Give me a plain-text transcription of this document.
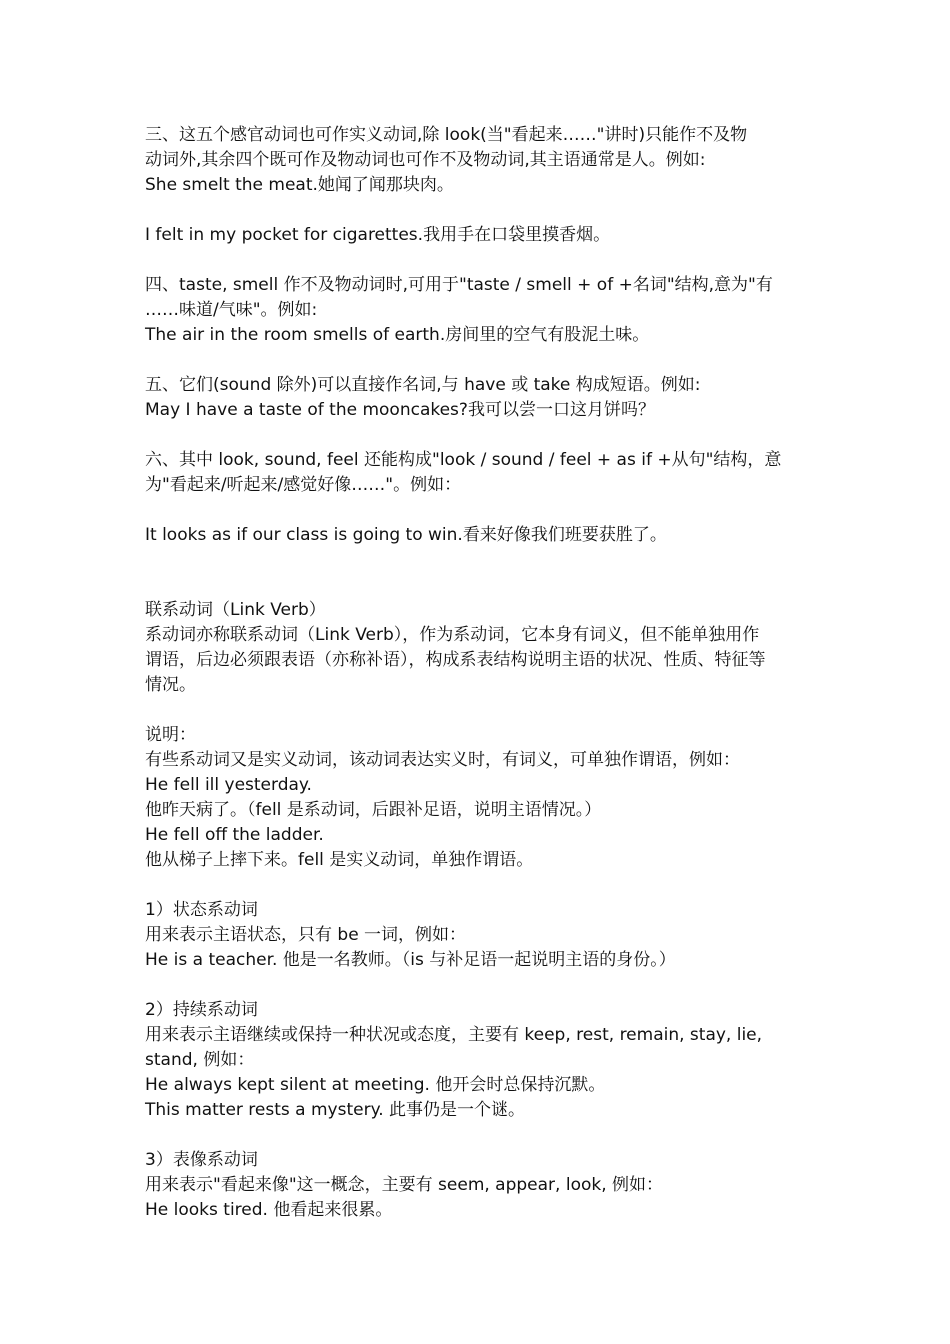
三、这五个感官动词也可作实义动词,除 look(当"看起来……"讲时)只能作不及物
动词外,其余四个既可作及物动词也可作不及物动词,其主语通常是人。例如:
She smelt the meat.她闻了闻那块肉。
I felt in my pocket for cigarettes.我用手在口袋里摸香烟。
四、taste, smell 作不及物动词时,可用于"taste / smell + of +名词"结构,意为"有
……味道/气味"。例如:
The air in the room smells of earth.房间里的空气有股泥土味。
五、它们(sound 除外)可以直接作名词,与 have 或 take 构成短语。例如:
May I have a taste of the mooncakes?我可以尝一口这月饼吗？
六、其中 look, sound, feel 还能构成"look / sound / feel + as if +从句"结构，意
为"看起来/听起来/感觉好像……"。例如：
It looks as if our class is going to win.看来好像我们班要获胜了。
联系动词（Link Verb）
系动词亦称联系动词（Link Verb），作为系动词，它本身有词义，但不能单独用作
谓语，后边必须跟表语（亦称补语），构成系表结构说明主语的状况、性质、特征等
情况。
说明：
有些系动词又是实义动词，该动词表达实义时，有词义，可单独作谓语，例如：
He fell ill yesterday.
他昨天病了。（fell 是系动词，后跟补足语，说明主语情况。）
He fell off the ladder.
他从梯子上摔下来。fell 是实义动词，单独作谓语。
1）状态系动词
用来表示主语状态，只有 be 一词，例如：
He is a teacher. 他是一名教师。（is 与补足语一起说明主语的身份。）
2）持续系动词
用来表示主语继续或保持一种状况或态度，主要有 keep, rest, remain, stay, lie,
stand, 例如：
He always kept silent at meeting. 他开会时总保持沉默。
This matter rests a mystery. 此事仍是一个谜。
3）表像系动词
用来表示"看起来像"这一概念，主要有 seem, appear, look, 例如：
He looks tired. 他看起来很累。
